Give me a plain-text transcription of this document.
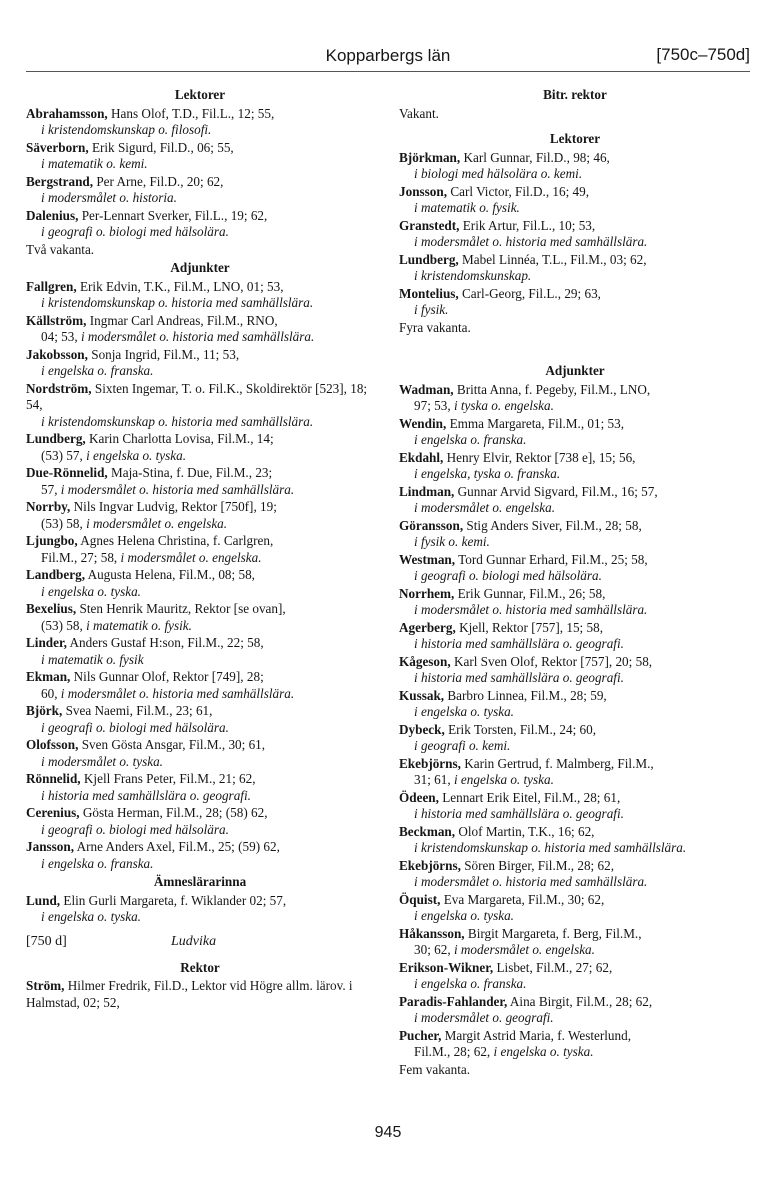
Kopparbergs län	[750c–750d]
Lektorer
Abrahamsson, Hans Olof, T.D., Fil.L., 12; 55,
i kristendomskunskap o. filosofi.
Säverborn, Erik Sigurd, Fil.D., 06; 55,
i matematik o. kemi.
Bergstrand, Per Arne, Fil.D., 20; 62,
i modersmålet o. historia.
Dalenius, Per-Lennart Sverker, Fil.L., 19; 62,
i geografi o. biologi med hälsolära.
Två vakanta.
Adjunkter
Fallgren, Erik Edvin, T.K., Fil.M., LNO, 01; 53,
i kristendomskunskap o. historia med samhällslära.
Källström, Ingmar Carl Andreas, Fil.M., RNO,
04; 53, i modersmålet o. historia med samhällslära.
Jakobsson, Sonja Ingrid, Fil.M., 11; 53,
i engelska o. franska.
Nordström, Sixten Ingemar, T. o. Fil.K., Skoldirektör [523], 18; 54,
i kristendomskunskap o. historia med samhällslära.
Lundberg, Karin Charlotta Lovisa, Fil.M., 14;
(53) 57, i engelska o. tyska.
Due-Rönnelid, Maja-Stina, f. Due, Fil.M., 23;
57, i modersmålet o. historia med samhällslära.
Norrby, Nils Ingvar Ludvig, Rektor [750f], 19;
(53) 58, i modersmålet o. engelska.
Ljungbo, Agnes Helena Christina, f. Carlgren,
Fil.M., 27; 58, i modersmålet o. engelska.
Landberg, Augusta Helena, Fil.M., 08; 58,
i engelska o. tyska.
Bexelius, Sten Henrik Mauritz, Rektor [se ovan],
(53) 58, i matematik o. fysik.
Linder, Anders Gustaf H:son, Fil.M., 22; 58,
i matematik o. fysik
Ekman, Nils Gunnar Olof, Rektor [749], 28;
60, i modersmålet o. historia med samhällslära.
Björk, Svea Naemi, Fil.M., 23; 61,
i geografi o. biologi med hälsolära.
Olofsson, Sven Gösta Ansgar, Fil.M., 30; 61,
i modersmålet o. tyska.
Rönnelid, Kjell Frans Peter, Fil.M., 21; 62,
i historia med samhällslära o. geografi.
Cerenius, Gösta Herman, Fil.M., 28; (58) 62,
i geografi o. biologi med hälsolära.
Jansson, Arne Anders Axel, Fil.M., 25; (59) 62,
i engelska o. franska.
Ämneslärarinna
Lund, Elin Gurli Margareta, f. Wiklander 02; 57,
i engelska o. tyska.
[750 d]	Ludvika
Rektor
Ström, Hilmer Fredrik, Fil.D., Lektor vid Högre allm. lärov. i Halmstad, 02; 52,
Bitr. rektor
Vakant.
Lektorer
Björkman, Karl Gunnar, Fil.D., 98; 46,
i biologi med hälsolära o. kemi.
Jonsson, Carl Victor, Fil.D., 16; 49,
i matematik o. fysik.
Granstedt, Erik Artur, Fil.L., 10; 53,
i modersmålet o. historia med samhällslära.
Lundberg, Mabel Linnéa, T.L., Fil.M., 03; 62,
i kristendomskunskap.
Montelius, Carl-Georg, Fil.L., 29; 63,
i fysik.
Fyra vakanta.
Adjunkter
Wadman, Britta Anna, f. Pegeby, Fil.M., LNO,
97; 53, i tyska o. engelska.
Wendin, Emma Margareta, Fil.M., 01; 53,
i engelska o. franska.
Ekdahl, Henry Elvir, Rektor [738 e], 15; 56,
i engelska, tyska o. franska.
Lindman, Gunnar Arvid Sigvard, Fil.M., 16; 57,
i modersmålet o. engelska.
Göransson, Stig Anders Siver, Fil.M., 28; 58,
i fysik o. kemi.
Westman, Tord Gunnar Erhard, Fil.M., 25; 58,
i geografi o. biologi med hälsolära.
Norrhem, Erik Gunnar, Fil.M., 26; 58,
i modersmålet o. historia med samhällslära.
Agerberg, Kjell, Rektor [757], 15; 58,
i historia med samhällslära o. geografi.
Kågeson, Karl Sven Olof, Rektor [757], 20; 58,
i historia med samhällslära o. geografi.
Kussak, Barbro Linnea, Fil.M., 28; 59,
i engelska o. tyska.
Dybeck, Erik Torsten, Fil.M., 24; 60,
i geografi o. kemi.
Ekebjörns, Karin Gertrud, f. Malmberg, Fil.M.,
31; 61, i engelska o. tyska.
Ödeen, Lennart Erik Eitel, Fil.M., 28; 61,
i historia med samhällslära o. geografi.
Beckman, Olof Martin, T.K., 16; 62,
i kristendomskunskap o. historia med samhällslära.
Ekebjörns, Sören Birger, Fil.M., 28; 62,
i modersmålet o. historia med samhällslära.
Öquist, Eva Margareta, Fil.M., 30; 62,
i engelska o. tyska.
Håkansson, Birgit Margareta, f. Berg, Fil.M.,
30; 62, i modersmålet o. engelska.
Erikson-Wikner, Lisbet, Fil.M., 27; 62,
i engelska o. franska.
Paradis-Fahlander, Aina Birgit, Fil.M., 28; 62,
i modersmålet o. geografi.
Pucher, Margit Astrid Maria, f. Westerlund,
Fil.M., 28; 62, i engelska o. tyska.
Fem vakanta.
945
